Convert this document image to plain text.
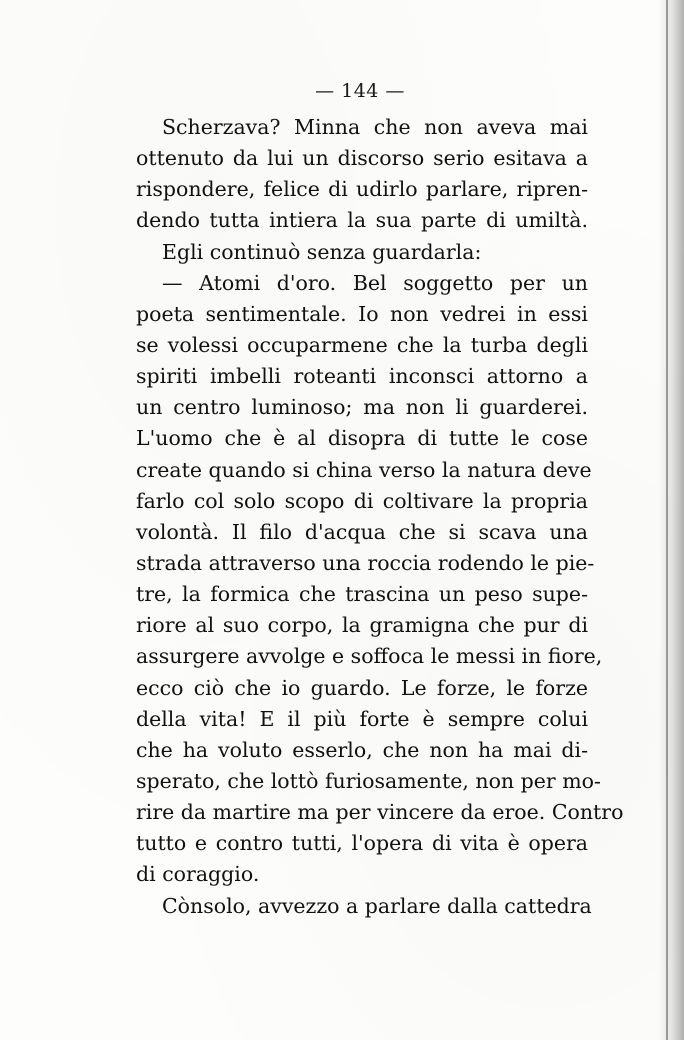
— 144 —
Scherzava? Minna che non aveva mai
ottenuto da lui un discorso serio esitava a
rispondere, felice di udirlo parlare, ripren-
dendo tutta intiera la sua parte di umiltà.
Egli continuò senza guardarla:
— Atomi d'oro. Bel soggetto per un
poeta sentimentale. Io non vedrei in essi
se volessi occuparmene che la turba degli
spiriti imbelli roteanti inconsci attorno a
un centro luminoso; ma non li guarderei.
L'uomo che è al disopra di tutte le cose
create quando si china verso la natura deve
farlo col solo scopo di coltivare la propria
volontà. Il filo d'acqua che si scava una
strada attraverso una roccia rodendo le pie-
tre, la formica che trascina un peso supe-
riore al suo corpo, la gramigna che pur di
assurgere avvolge e soffoca le messi in fiore,
ecco ciò che io guardo. Le forze, le forze
della vita! E il più forte è sempre colui
che ha voluto esserlo, che non ha mai di-
sperato, che lottò furiosamente, non per mo-
rire da martire ma per vincere da eroe. Contro
tutto e contro tutti, l'opera di vita è opera
di coraggio.
Cònsolo, avvezzo a parlare dalla cattedra
